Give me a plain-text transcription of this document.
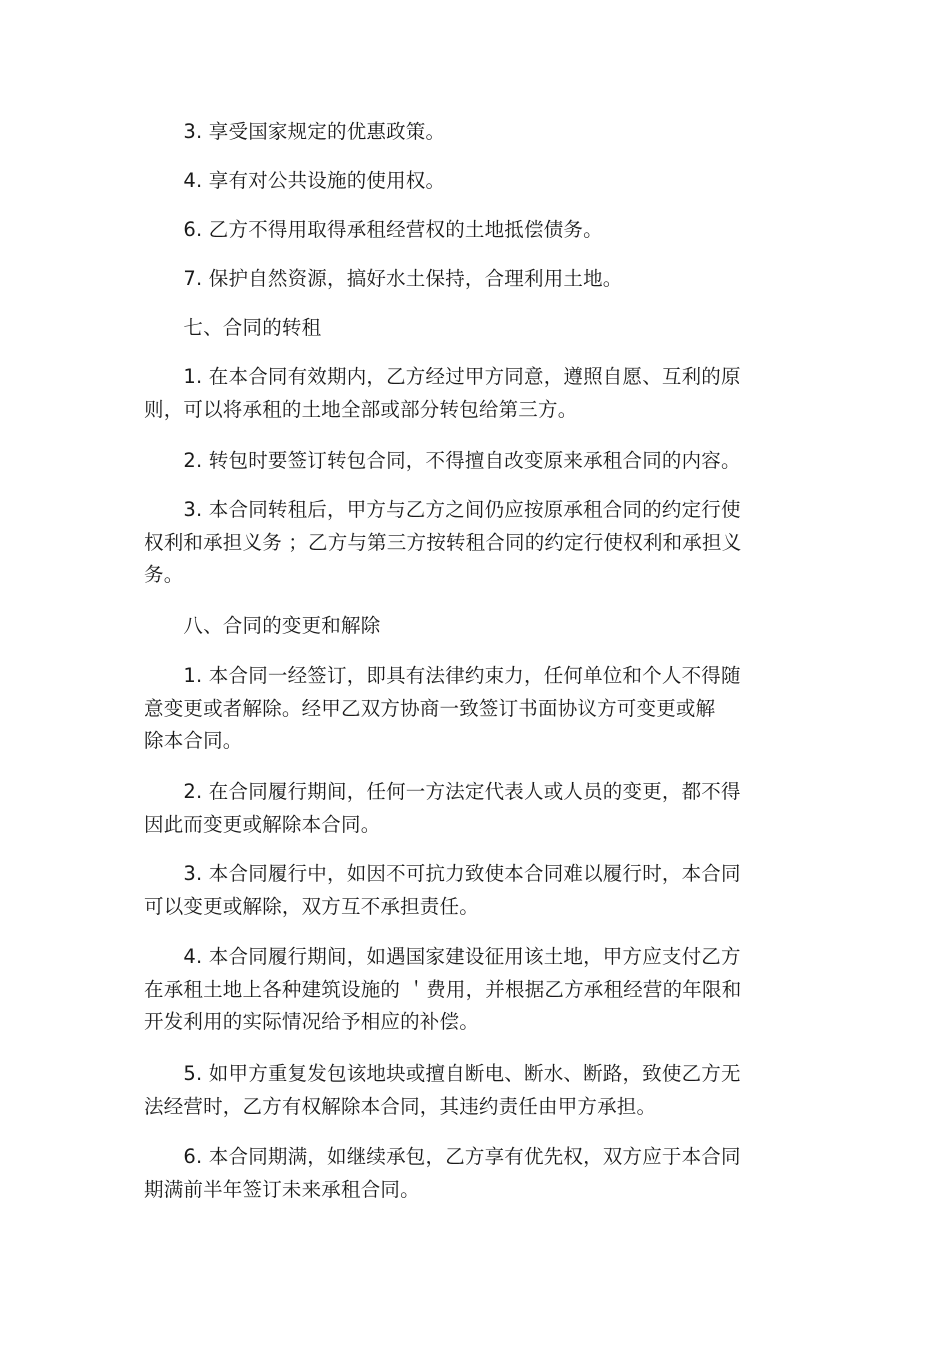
　　3. 享受国家规定的优惠政策。
　　4. 享有对公共设施的使用权。
　　6. 乙方不得用取得承租经营权的土地抵偿债务。
　　7. 保护自然资源，搞好水土保持，合理利用土地。
　　七、合同的转租
　　1. 在本合同有效期内，乙方经过甲方同意，遵照自愿、互利的原
则，可以将承租的土地全部或部分转包给第三方。
　　2. 转包时要签订转包合同，不得擅自改变原来承租合同的内容。
　　3. 本合同转租后，甲方与乙方之间仍应按原承租合同的约定行使
权利和承担义务 ；乙方与第三方按转租合同的约定行使权利和承担义
务。
　　八、合同的变更和解除
　　1. 本合同一经签订，即具有法律约束力，任何单位和个人不得随
意变更或者解除。经甲乙双方协商一致签订书面协议方可变更或解
除本合同。
　　2. 在合同履行期间，任何一方法定代表人或人员的变更，都不得
因此而变更或解除本合同。
　　3. 本合同履行中，如因不可抗力致使本合同难以履行时，本合同
可以变更或解除，双方互不承担责任。
　　4. 本合同履行期间，如遇国家建设征用该土地，甲方应支付乙方
在承租土地上各种建筑设施的 ＇费用，并根据乙方承租经营的年限和
开发利用的实际情况给予相应的补偿。
　　5. 如甲方重复发包该地块或擅自断电、断水、断路，致使乙方无
法经营时，乙方有权解除本合同，其违约责任由甲方承担。
　　6. 本合同期满，如继续承包，乙方享有优先权，双方应于本合同
期满前半年签订未来承租合同。
